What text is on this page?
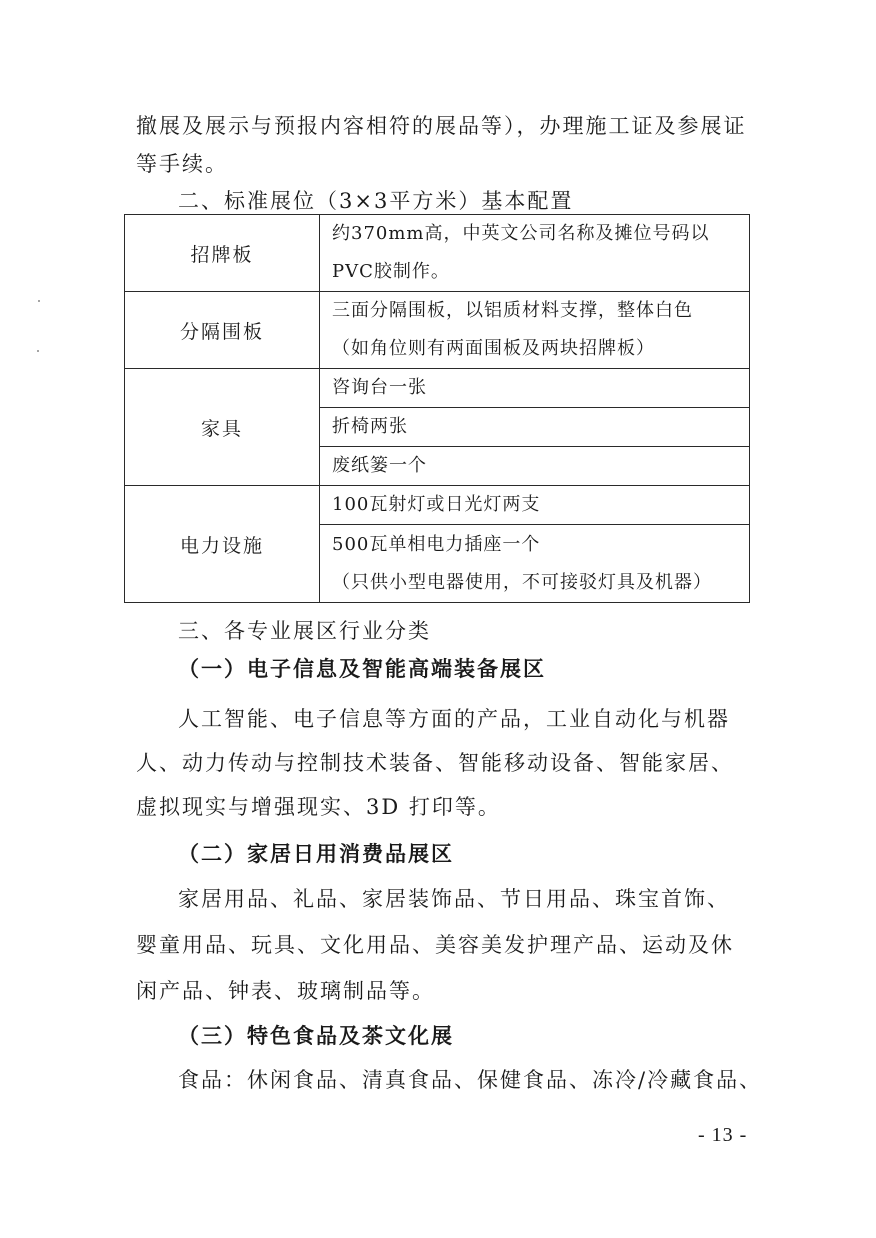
撤展及展示与预报内容相符的展品等），办理施工证及参展证
等手续。
二、标准展位（3×3平方米）基本配置
招牌板	约370mm高，中英文公司名称及摊位号码以
PVC胶制作。

分隔围板	三面分隔围板，以铝质材料支撑，整体白色
（如角位则有两面围板及两块招牌板）

家具	咨询台一张
	折椅两张
	废纸篓一个
电力设施	100瓦射灯或日光灯两支

	500瓦单相电力插座一个
（只供小型电器使用，不可接驳灯具及机器）
三、各专业展区行业分类
（一）电子信息及智能高端装备展区
人工智能、电子信息等方面的产品，工业自动化与机器
人、动力传动与控制技术装备、智能移动设备、智能家居、
虚拟现实与增强现实、3D 打印等。
（二）家居日用消费品展区
家居用品、礼品、家居装饰品、节日用品、珠宝首饰、
婴童用品、玩具、文化用品、美容美发护理产品、运动及休
闲产品、钟表、玻璃制品等。
（三）特色食品及茶文化展
食品：休闲食品、清真食品、保健食品、冻冷/冷藏食品、
- 13 -
